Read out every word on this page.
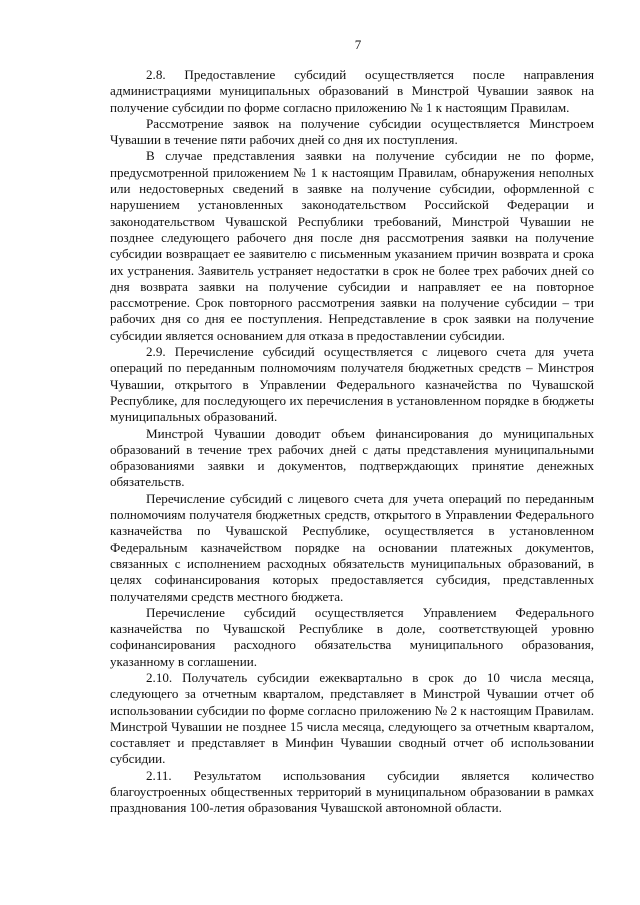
7

2.8. Предоставление субсидий осуществляется после направления администрациями муниципальных образований в Минстрой Чувашии заявок на получение субсидии по форме согласно приложению № 1 к настоящим Правилам.

Рассмотрение заявок на получение субсидии осуществляется Минстроем Чувашии в течение пяти рабочих дней со дня их поступления.

В случае представления заявки на получение субсидии не по форме, предусмотренной приложением № 1 к настоящим Правилам, обнаружения неполных или недостоверных сведений в заявке на получение субсидии, оформленной с нарушением установленных законодательством Российской Федерации и законодательством Чувашской Республики требований, Минстрой Чувашии не позднее следующего рабочего дня после дня рассмотрения заявки на получение субсидии возвращает ее заявителю с письменным указанием причин возврата и срока их устранения. Заявитель устраняет недостатки в срок не более трех рабочих дней со дня возврата заявки на получение субсидии и направляет ее на повторное рассмотрение. Срок повторного рассмотрения заявки на получение субсидии – три рабочих дня со дня ее поступления. Непредставление в срок заявки на получение субсидии является основанием для отказа в предоставлении субсидии.

2.9. Перечисление субсидий осуществляется с лицевого счета для учета операций по переданным полномочиям получателя бюджетных средств – Минстроя Чувашии, открытого в Управлении Федерального казначейства по Чувашской Республике, для последующего их перечисления в установленном порядке в бюджеты муниципальных образований.

Минстрой Чувашии доводит объем финансирования до муниципальных образований в течение трех рабочих дней с даты представления муниципальными образованиями заявки и документов, подтверждающих принятие денежных обязательств.

Перечисление субсидий с лицевого счета для учета операций по переданным полномочиям получателя бюджетных средств, открытого в Управлении Федерального казначейства по Чувашской Республике, осуществляется в установленном Федеральным казначейством порядке на основании платежных документов, связанных с исполнением расходных обязательств муниципальных образований, в целях софинансирования которых предоставляется субсидия, представленных получателями средств местного бюджета.

Перечисление субсидий осуществляется Управлением Федерального казначейства по Чувашской Республике в доле, соответствующей уровню софинансирования расходного обязательства муниципального образования, указанному в соглашении.

2.10. Получатель субсидии ежеквартально в срок до 10 числа месяца, следующего за отчетным кварталом, представляет в Минстрой Чувашии отчет об использовании субсидии по форме согласно приложению № 2 к настоящим Правилам. Минстрой Чувашии не позднее 15 числа месяца, следующего за отчетным кварталом, составляет и представляет в Минфин Чувашии сводный отчет об использовании субсидии.

2.11. Результатом использования субсидии является количество благоустроенных общественных территорий в муниципальном образовании в рамках празднования 100-летия образования Чувашской автономной области.
